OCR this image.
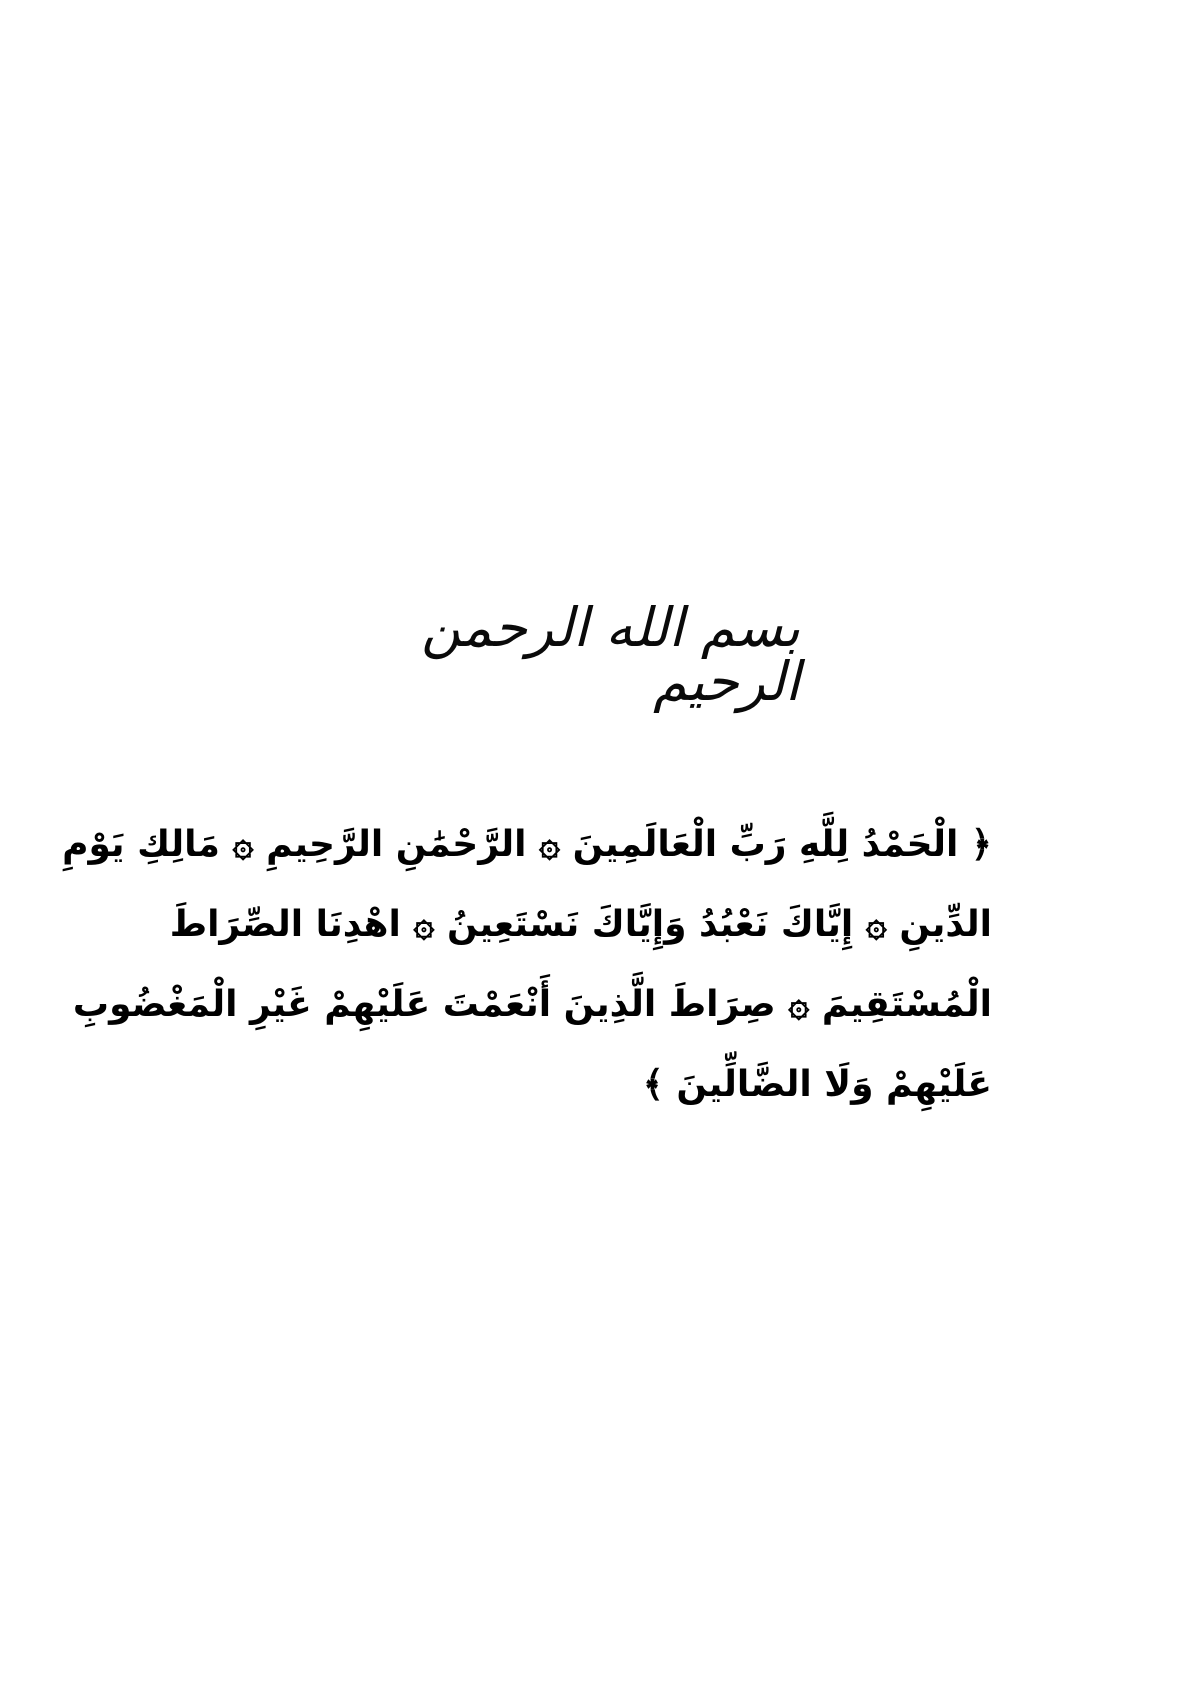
بسم الله الرحمن الرحيم
﴿ الْحَمْدُ لِلَّهِ رَبِّ الْعَالَمِينَ ۞ الرَّحْمَٰنِ الرَّحِيمِ ۞ مَالِكِ يَوْمِ
الدِّينِ ۞ إِيَّاكَ نَعْبُدُ وَإِيَّاكَ نَسْتَعِينُ ۞ اهْدِنَا الصِّرَاطَ
الْمُسْتَقِيمَ ۞ صِرَاطَ الَّذِينَ أَنْعَمْتَ عَلَيْهِمْ غَيْرِ الْمَغْضُوبِ
عَلَيْهِمْ وَلَا الضَّالِّينَ ﴾
